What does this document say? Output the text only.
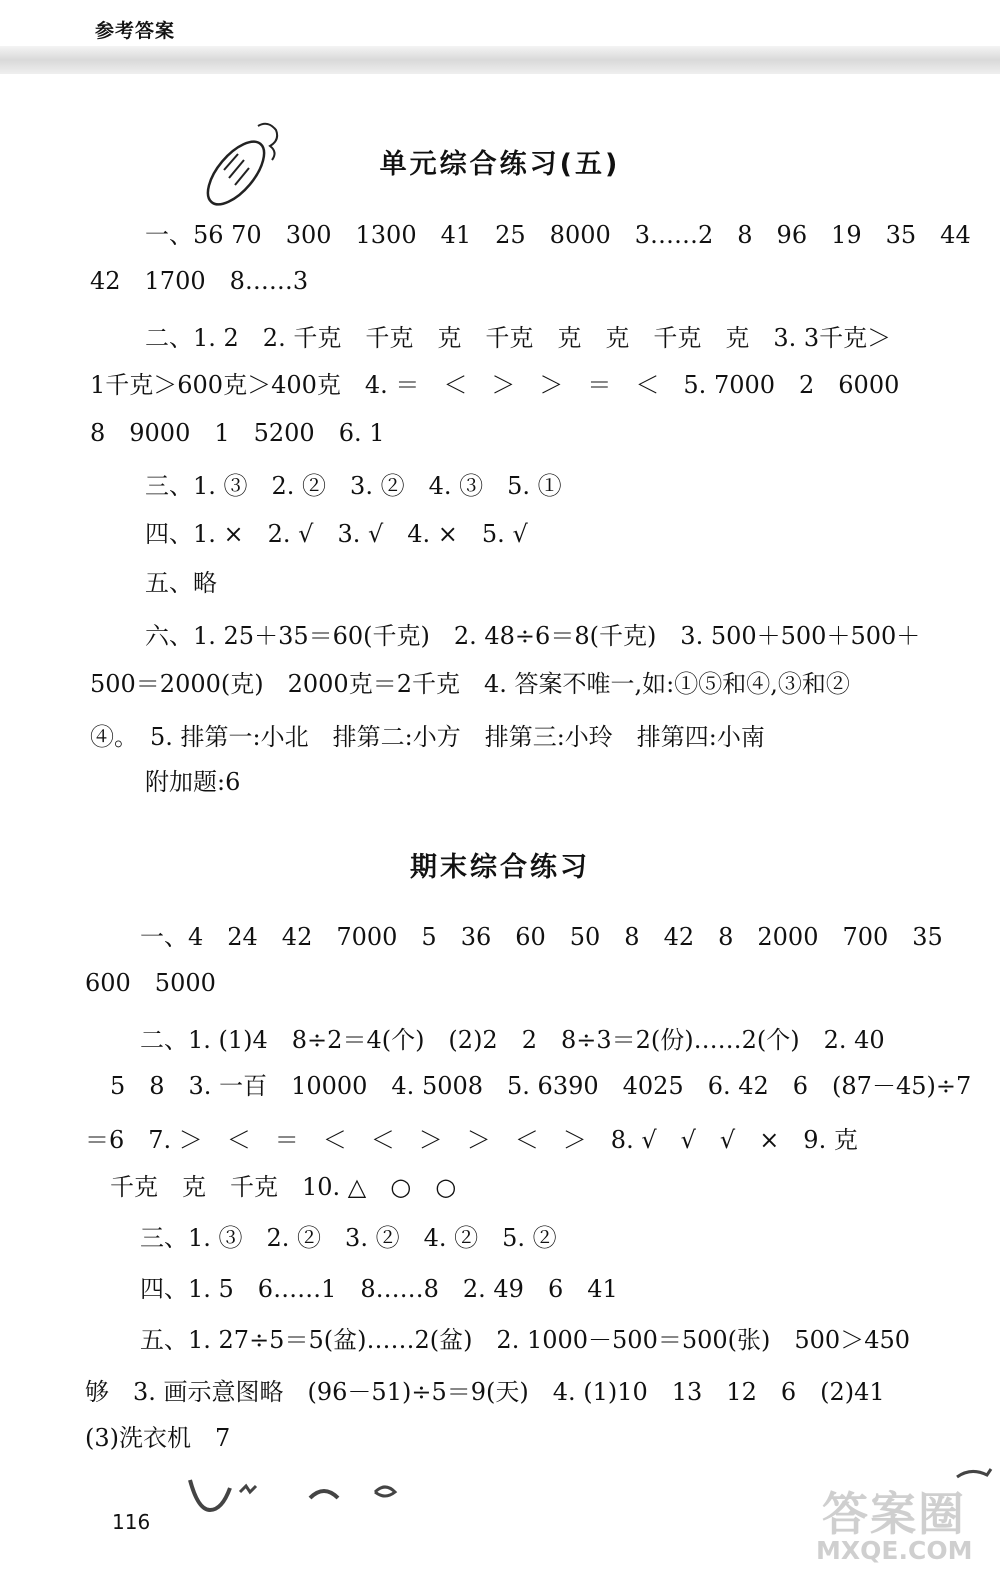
参考答案
单元综合练习(五)
一、56 70　300　1300　41　25　8000　3……2　8　96　19　35　44
42　1700　8……3
二、1. 2　2. 千克　千克　克　千克　克　克　千克　克　3. 3千克＞
1千克＞600克＞400克　4. ＝　＜　＞　＞　＝　＜　5. 7000　2　6000
8　9000　1　5200　6. 1
三、1. ③　2. ②　3. ②　4. ③　5. ①
四、1. ×　2. √　3. √　4. ×　5. √
五、略
六、1. 25＋35＝60(千克)　2. 48÷6＝8(千克)　3. 500＋500＋500＋
500＝2000(克)　2000克＝2千克　4. 答案不唯一,如:①⑤和④,③和②
④。　5. 排第一:小北　排第二:小方　排第三:小玲　排第四:小南
附加题:6
期末综合练习
一、4　24　42　7000　5　36　60　50　8　42　8　2000　700　35
600　5000
二、1. (1)4　8÷2＝4(个)　(2)2　2　8÷3＝2(份)……2(个)　2. 40
5　8　3. 一百　10000　4. 5008　5. 6390　4025　6. 42　6　(87－45)÷7
＝6　7. ＞　＜　＝　＜　＜　＞　＞　＜　＞　8. √　√　√　×　9. 克
千克　克　千克　10. △　○　○
三、1. ③　2. ②　3. ②　4. ②　5. ②
四、1. 5　6……1　8……8　2. 49　6　41
五、1. 27÷5＝5(盆)……2(盆)　2. 1000－500＝500(张)　500＞450
够　3. 画示意图略　(96－51)÷5＝9(天)　4. (1)10　13　12　6　(2)41
(3)洗衣机　7
116	答案圈
MXQE.COM
